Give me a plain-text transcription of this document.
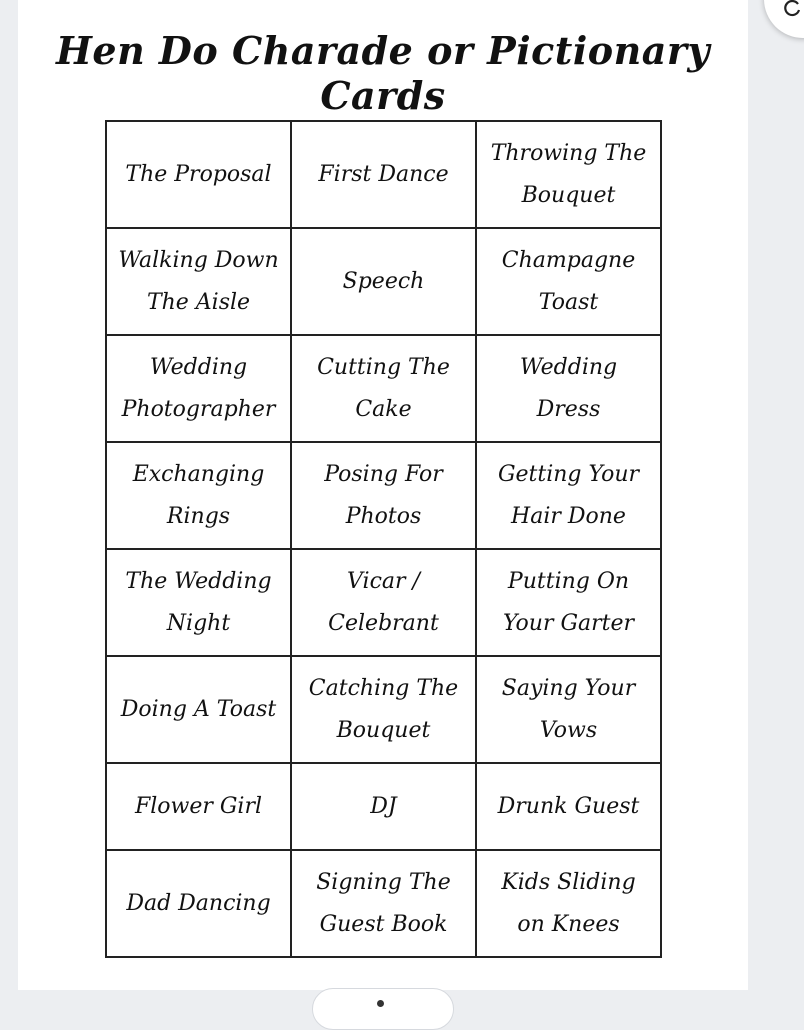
Hen Do Charade or Pictionary Cards
The Proposal	First Dance	Throwing The Bouquet
Walking Down The Aisle	Speech	Champagne Toast
Wedding Photographer	Cutting The Cake	Wedding Dress
Exchanging Rings	Posing For Photos	Getting Your Hair Done
The Wedding Night	Vicar / Celebrant	Putting On Your Garter
Doing A Toast	Catching The Bouquet	Saying Your Vows
Flower Girl	DJ	Drunk Guest
Dad Dancing	Signing The Guest Book	Kids Sliding on Knees
